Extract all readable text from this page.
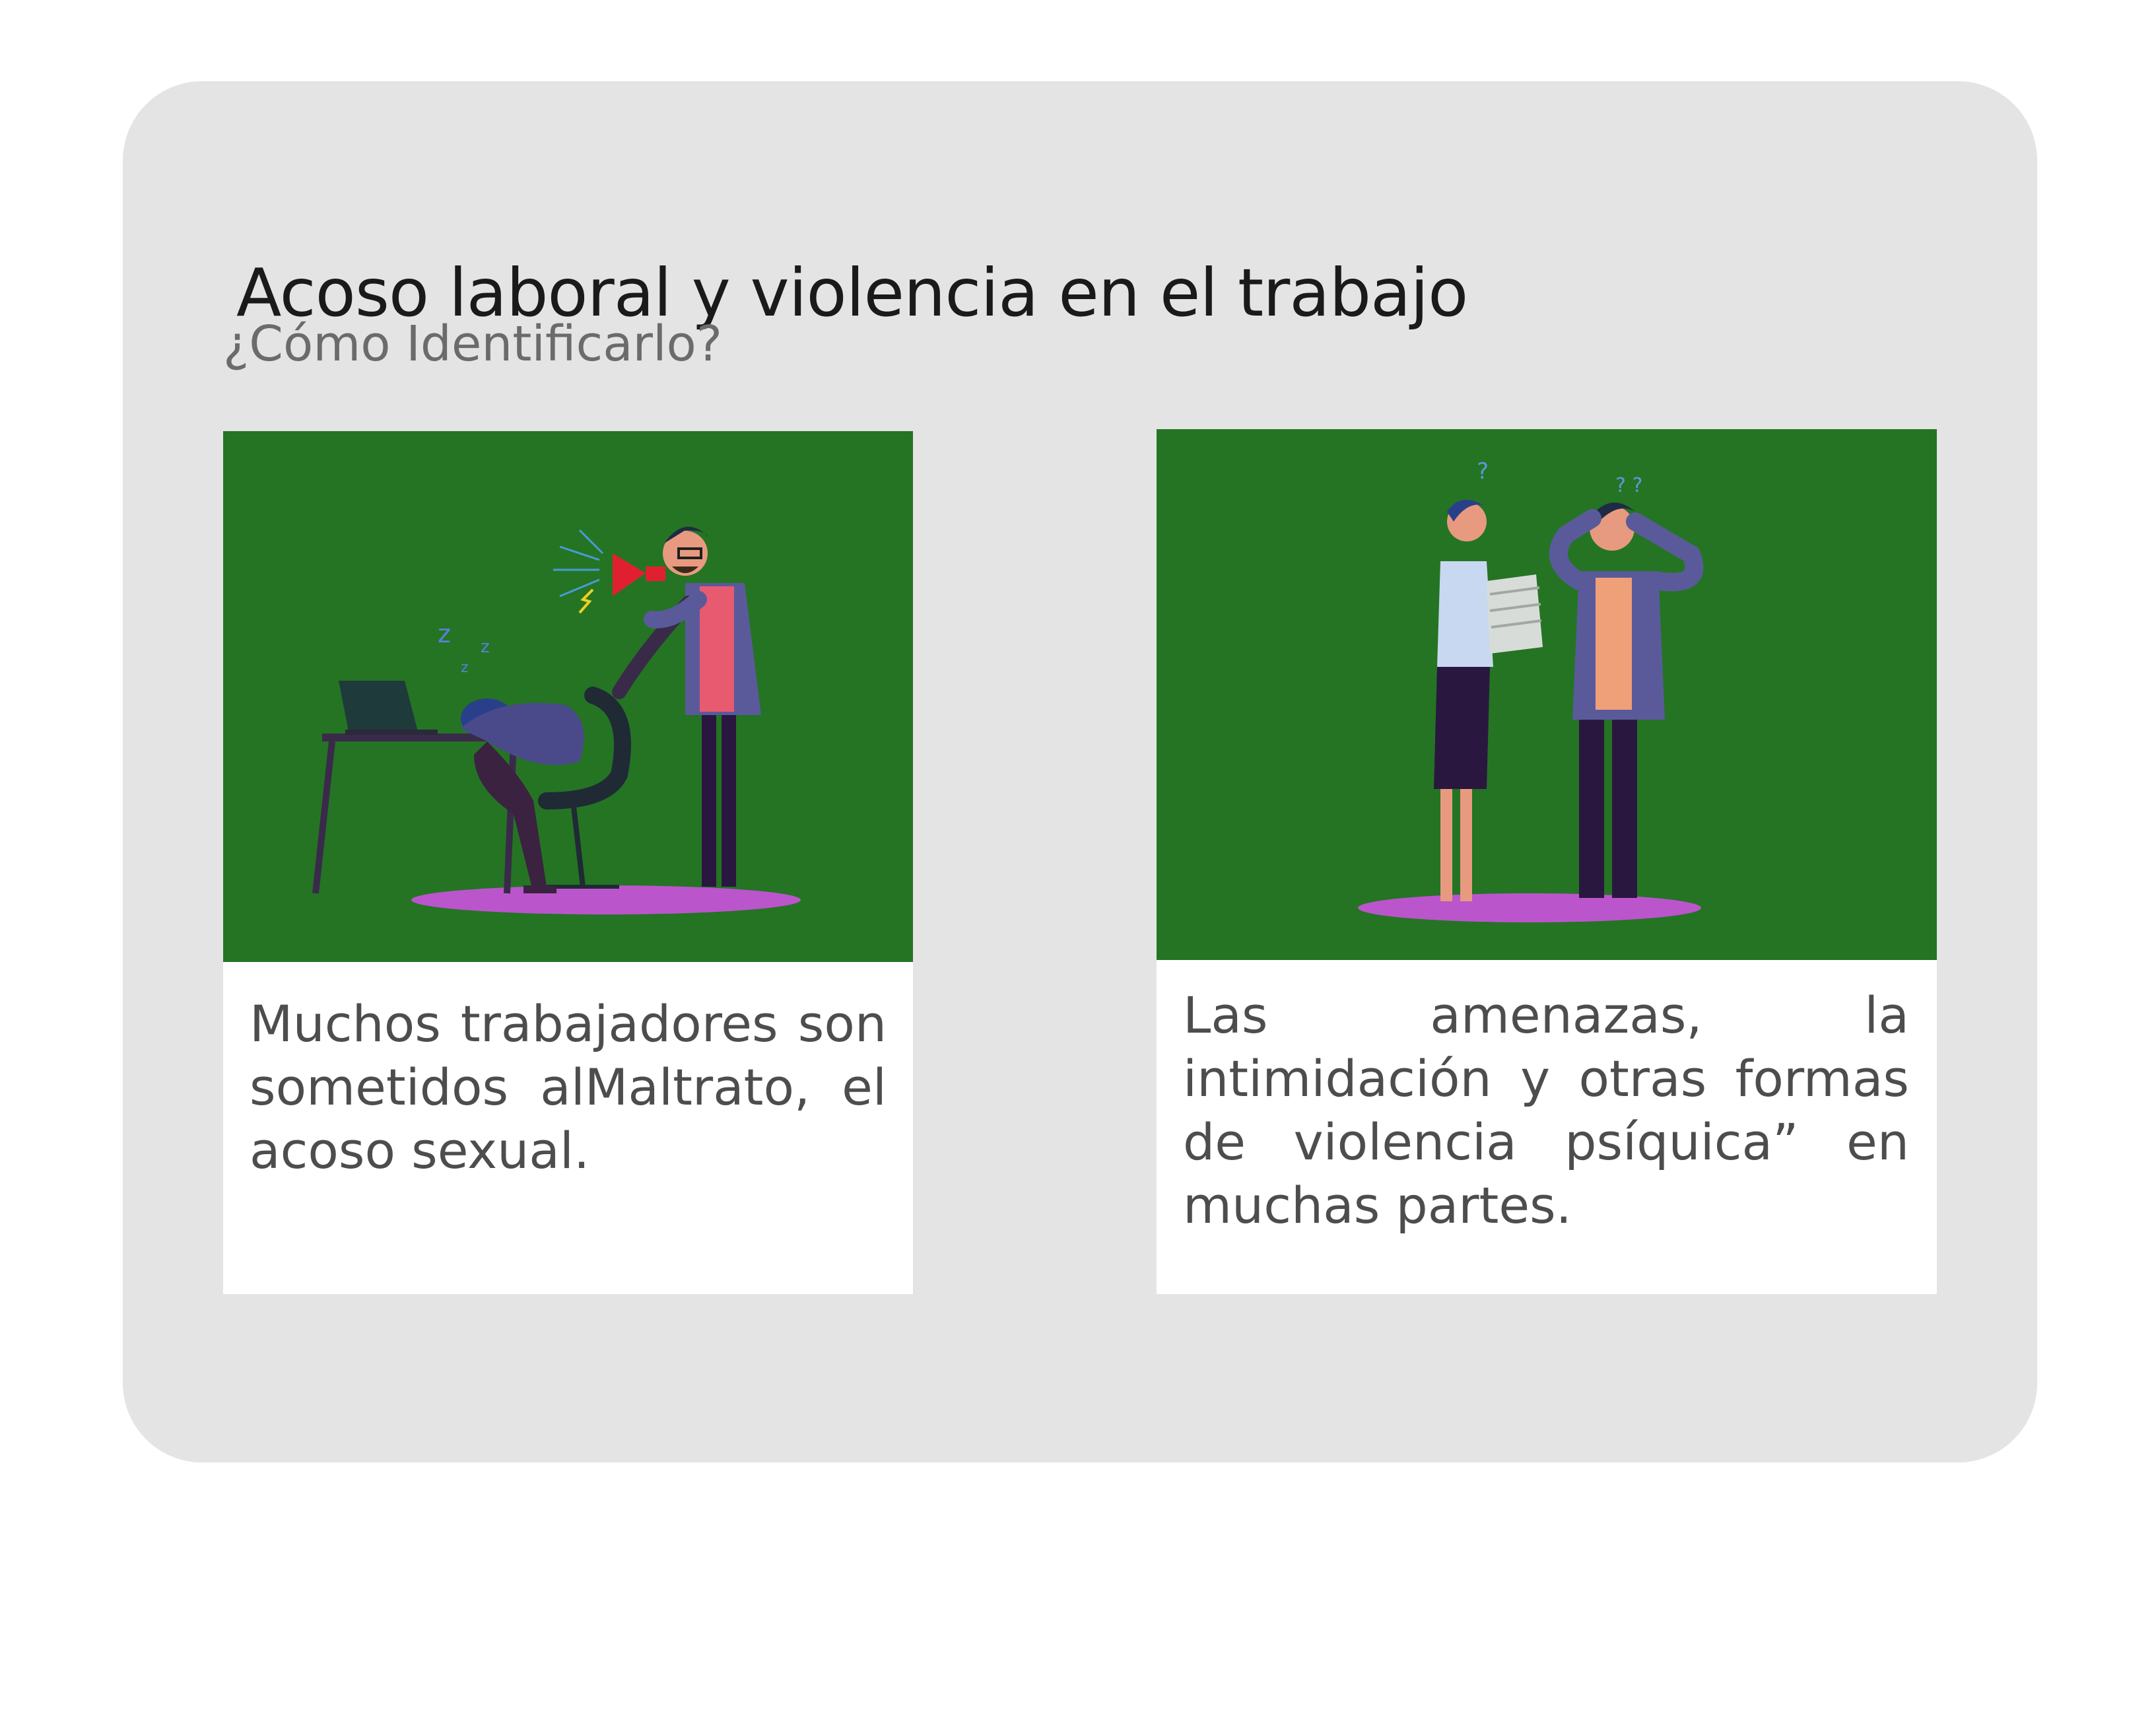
Acoso laboral y violencia en el trabajo
¿Cómo Identificarlo?
z z
z

Muchos trabajadores son sometidos alMaltrato, el acoso sexual.

?
? ?

Las amenazas, la intimidación y otras formas de violencia psíquica” en muchas partes.
